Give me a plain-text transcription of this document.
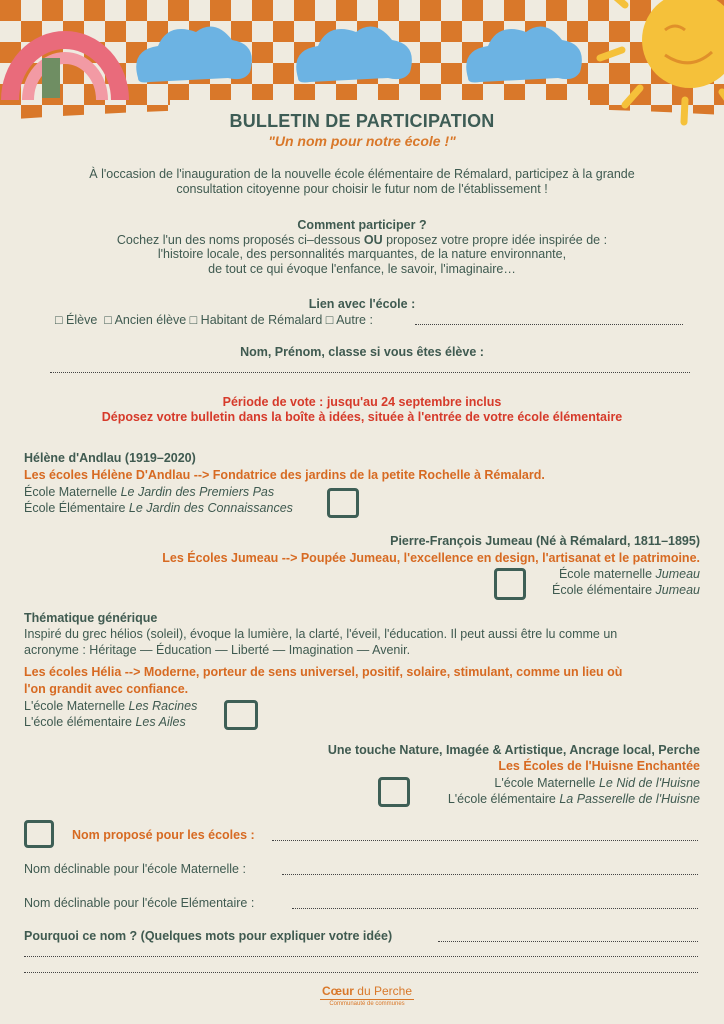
BULLETIN DE PARTICIPATION
"Un nom pour notre école !"
À l'occasion de l'inauguration de la nouvelle école élémentaire de Rémalard, participez à la grande
consultation citoyenne pour choisir le futur nom de l'établissement !
Comment participer ?
Cochez l'un des noms proposés ci–dessous OU proposez votre propre idée inspirée de :
l'histoire locale, des personnalités marquantes, de la nature environnante,
de tout ce qui évoque l'enfance, le savoir, l'imaginaire…
Lien avec l'école :
□ Élève □ Ancien élève □ Habitant de Rémalard □ Autre :
Nom, Prénom, classe si vous êtes élève :
Période de vote : jusqu'au 24 septembre inclus
Déposez votre bulletin dans la boîte à idées, située à l'entrée de votre école élémentaire
Hélène d'Andlau (1919–2020)
Les écoles Hélène D'Andlau --> Fondatrice des jardins de la petite Rochelle à Rémalard.
École Maternelle Le Jardin des Premiers Pas
École Élémentaire Le Jardin des Connaissances
Pierre-François Jumeau (Né à Rémalard, 1811–1895)
Les Écoles Jumeau --> Poupée Jumeau, l'excellence en design, l'artisanat et le patrimoine.
École maternelle Jumeau
École élémentaire Jumeau
Thématique générique
Inspiré du grec hélios (soleil), évoque la lumière, la clarté, l'éveil, l'éducation. Il peut aussi être lu comme un
acronyme : Héritage — Éducation — Liberté — Imagination — Avenir.
Les écoles Hélia --> Moderne, porteur de sens universel, positif, solaire, stimulant, comme un lieu où
l'on grandit avec confiance.
L'école Maternelle Les Racines
L'école élémentaire Les Ailes
Une touche Nature, Imagée & Artistique, Ancrage local, Perche
Les Écoles de l'Huisne Enchantée
L'école Maternelle Le Nid de l'Huisne
L'école élémentaire La Passerelle de l'Huisne
Nom proposé pour les écoles :
Nom déclinable pour l'école Maternelle :
Nom déclinable pour l'école Elémentaire :
Pourquoi ce nom ? (Quelques mots pour expliquer votre idée)
Cœur du Perche
Communauté de communes
